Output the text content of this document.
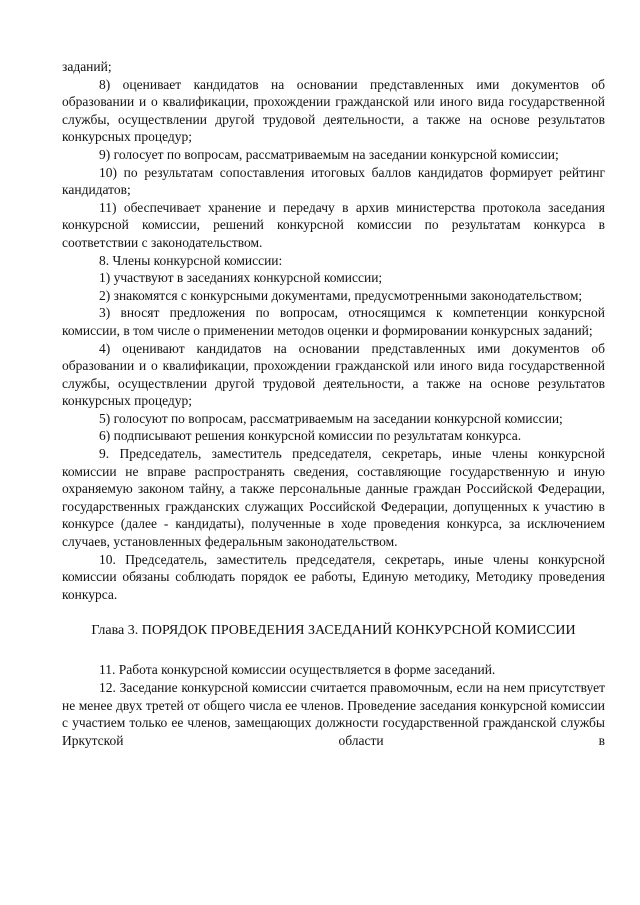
заданий;

8) оценивает кандидатов на основании представленных ими документов об образовании и о квалификации, прохождении гражданской или иного вида государственной службы, осуществлении другой трудовой деятельности, а также на основе результатов конкурсных процедур;

9) голосует по вопросам, рассматриваемым на заседании конкурсной комиссии;

10) по результатам сопоставления итоговых баллов кандидатов формирует рейтинг кандидатов;

11) обеспечивает хранение и передачу в архив министерства протокола заседания конкурсной комиссии, решений конкурсной комиссии по результатам конкурса в соответствии с законодательством.

8. Члены конкурсной комиссии:

1) участвуют в заседаниях конкурсной комиссии;

2) знакомятся с конкурсными документами, предусмотренными законодательством;

3) вносят предложения по вопросам, относящимся к компетенции конкурсной комиссии, в том числе о применении методов оценки и формировании конкурсных заданий;

4) оценивают кандидатов на основании представленных ими документов об образовании и о квалификации, прохождении гражданской или иного вида государственной службы, осуществлении другой трудовой деятельности, а также на основе результатов конкурсных процедур;

5) голосуют по вопросам, рассматриваемым на заседании конкурсной комиссии;

6) подписывают решения конкурсной комиссии по результатам конкурса.

9. Председатель, заместитель председателя, секретарь, иные члены конкурсной комиссии не вправе распространять сведения, составляющие государственную и иную охраняемую законом тайну, а также персональные данные граждан Российской Федерации, государственных гражданских служащих Российской Федерации, допущенных к участию в конкурсе (далее - кандидаты), полученные в ходе проведения конкурса, за исключением случаев, установленных федеральным законодательством.

10. Председатель, заместитель председателя, секретарь, иные члены конкурсной комиссии обязаны соблюдать порядок ее работы, Единую методику, Методику проведения конкурса.

Глава 3. ПОРЯДОК ПРОВЕДЕНИЯ ЗАСЕДАНИЙ КОНКУРСНОЙ КОМИССИИ

11. Работа конкурсной комиссии осуществляется в форме заседаний.

12. Заседание конкурсной комиссии считается правомочным, если на нем присутствует не менее двух третей от общего числа ее членов. Проведение заседания конкурсной комиссии с участием только ее членов, замещающих должности государственной гражданской службы Иркутской области в
